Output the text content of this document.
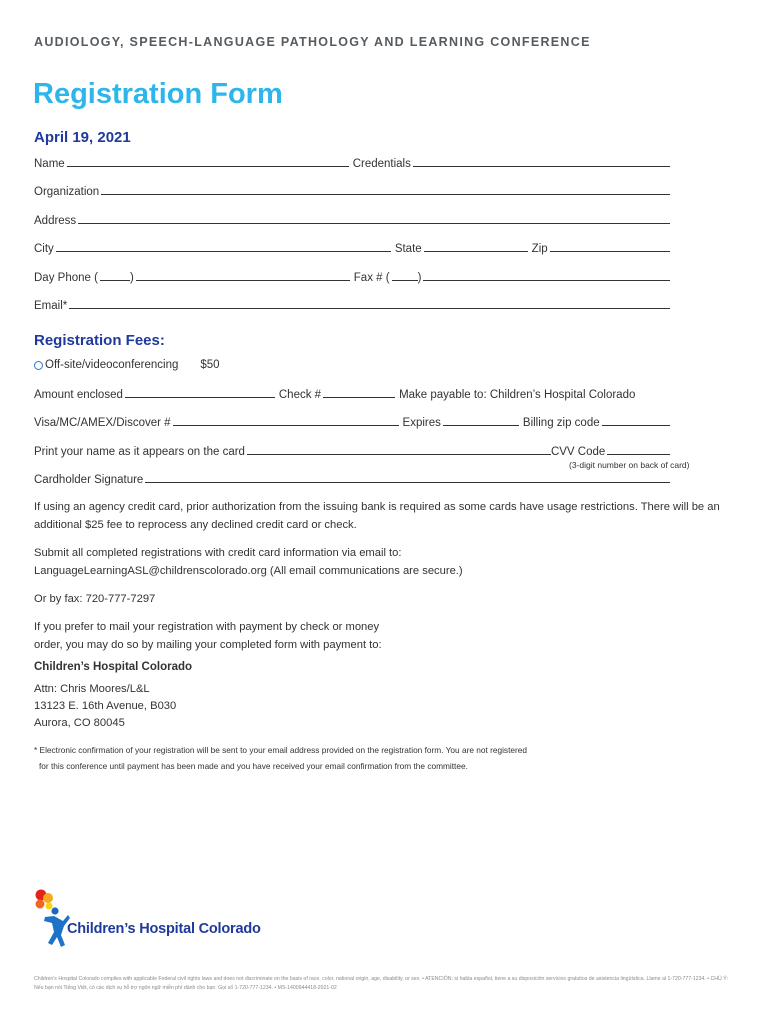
AUDIOLOGY, SPEECH-LANGUAGE PATHOLOGY AND LEARNING CONFERENCE
Registration Form
April 19, 2021
Name	Credentials
Organization
Address
City	State	Zip
Day Phone (	)	Fax # ( )
Email*
Registration Fees:
Off-site/videoconferencing $50
Amount enclosed	Check #	Make payable to: Children’s Hospital Colorado
Visa/MC/AMEX/Discover #	Expires	Billing zip code
Print your name as it appears on the card	CVV Code
(3-digit number on back of card)
Cardholder Signature

If using an agency credit card, prior authorization from the issuing bank is required as some cards have usage restrictions. There will be an
additional $25 fee to reprocess any declined credit card or check.

Submit all completed registrations with credit card information via email to:
LanguageLearningASL@childrenscolorado.org (All email communications are secure.)

Or by fax: 720-777-7297

If you prefer to mail your registration with payment by check or money
order, you may do so by mailing your completed form with payment to:

Children’s Hospital Colorado
Attn: Chris Moores/L&L
13123 E. 16th Avenue, B030
Aurora, CO 80045
* Electronic confirmation of your registration will be sent to your email address provided on the registration form. You are not registered
for this conference until payment has been made and you have received your email confirmation from the committee.
Children’s Hospital Colorado
Children's Hospital Colorado complies with applicable Federal civil rights laws and does not discriminate on the basis of race, color, national origin, age, disability, or sex. • ATENCIÓN: si habla español, tiene a su disposición servicios gratuitos de asistencia lingüística. Llame al 1-720-777-1234. • CHÚ Ý: Nếu bạn nói Tiếng Việt, có các dịch vụ hỗ trợ ngôn ngữ miễn phí dành cho bạn. Gọi số 1-720-777-1234. • MS-1400944418-2021-02
